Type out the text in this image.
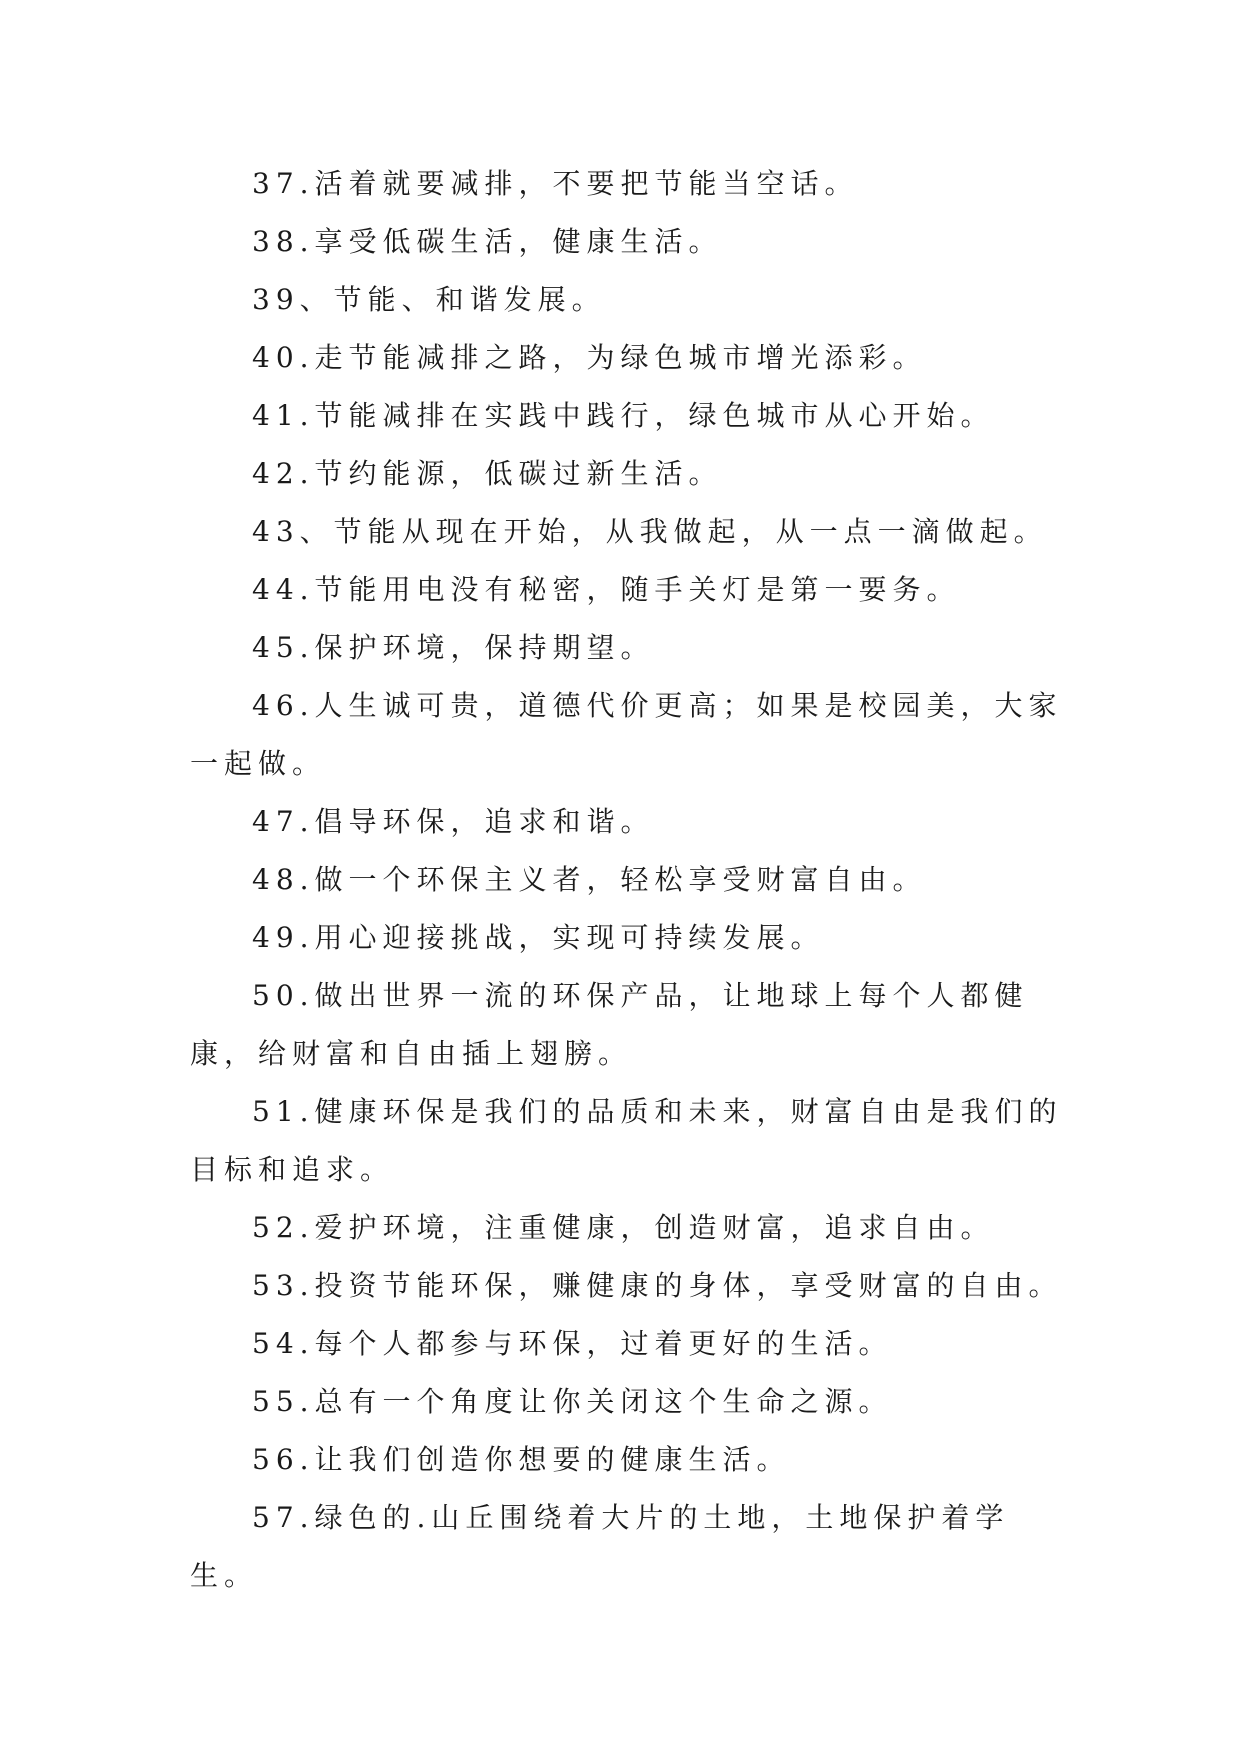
37.活着就要减排，不要把节能当空话。

38.享受低碳生活，健康生活。

39、节能、和谐发展。

40.走节能减排之路，为绿色城市增光添彩。

41.节能减排在实践中践行，绿色城市从心开始。

42.节约能源，低碳过新生活。

43、节能从现在开始，从我做起，从一点一滴做起。

44.节能用电没有秘密，随手关灯是第一要务。

45.保护环境，保持期望。

46.人生诚可贵，道德代价更高；如果是校园美，大家一起做。

47.倡导环保，追求和谐。

48.做一个环保主义者，轻松享受财富自由。

49.用心迎接挑战，实现可持续发展。

50.做出世界一流的环保产品，让地球上每个人都健康，给财富和自由插上翅膀。

51.健康环保是我们的品质和未来，财富自由是我们的目标和追求。

52.爱护环境，注重健康，创造财富，追求自由。

53.投资节能环保，赚健康的身体，享受财富的自由。

54.每个人都参与环保，过着更好的生活。

55.总有一个角度让你关闭这个生命之源。

56.让我们创造你想要的健康生活。

57.绿色的.山丘围绕着大片的土地，土地保护着学生。
